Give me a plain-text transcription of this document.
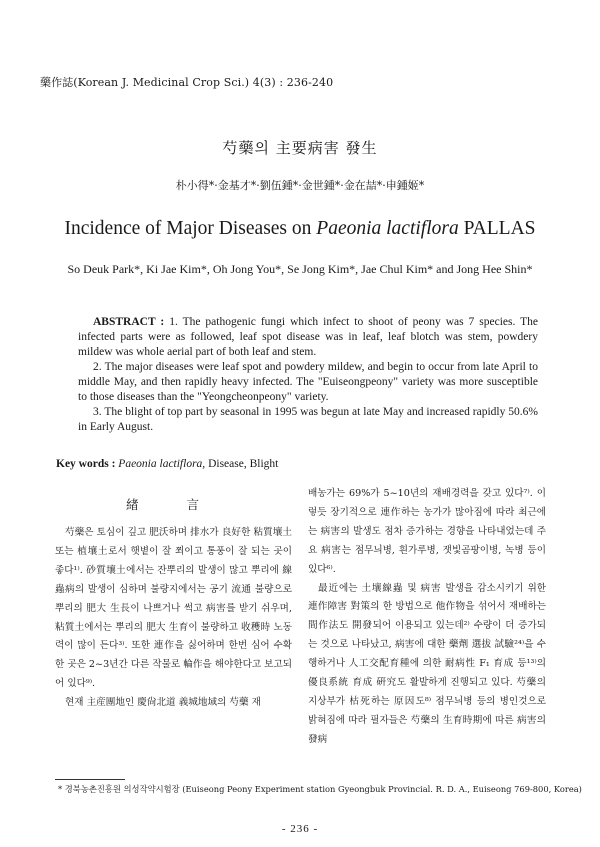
藥作誌(Korean J. Medicinal Crop Sci.) 4(3) : 236-240
芍藥의 主要病害 發生
朴小得*·金基才*·劉伍鍾*·金世鍾*·金在喆*·申鍾姬*
Incidence of Major Diseases on Paeonia lactiflora PALLAS
So Deuk Park*, Ki Jae Kim*, Oh Jong You*, Se Jong Kim*, Jae Chul Kim* and Jong Hee Shin*

ABSTRACT : 1. The pathogenic fungi which infect to shoot of peony was 7 species. The infected parts were as followed, leaf spot disease was in leaf, leaf blotch was stem, powdery mildew was whole aerial part of both leaf and stem.

2. The major diseases were leaf spot and powdery mildew, and begin to occur from late April to middle May, and then rapidly heavy infected. The "Euiseongpeony" variety was more susceptible to those diseases than the "Yeongcheonpeony" variety.

3. The blight of top part by seasonal in 1995 was begun at late May and increased rapidly 50.6% in Early August.

Key words : Paeonia lactiflora, Disease, Blight
緖 言

芍藥은 토심이 깊고 肥沃하며 排水가 良好한 粘質壤土 또는 植壤土로서 햇볕이 잘 쬐이고 통풍이 잘 되는 곳이 좋다¹⁾. 砂質壤土에서는 잔뿌리의 발생이 많고 뿌리에 線蟲病의 발생이 심하며 불량지에서는 공기 流通 불량으로 뿌리의 肥大 生長이 나쁘거나 썩고 病害를 받기 쉬우며, 粘質土에서는 뿌리의 肥大 生育이 불량하고 收穫時 노동력이 많이 든다³⁾. 또한 連作을 싫어하며 한번 심어 수확한 곳은 2~3년간 다른 작물로 輪作을 해야한다고 보고되어 있다⁹⁾.

현재 主産團地인 慶尙北道 義城地域의 芍藥 재

배농가는 69%가 5~10년의 재배경력을 갖고 있다⁷⁾. 이렇듯 장기적으로 連作하는 농가가 많아짐에 따라 최근에는 病害의 발생도 점차 증가하는 경향을 나타내었는데 주요 病害는 점무늬병, 흰가루병, 잿빛곰팡이병, 녹병 등이 있다⁶⁾.

最近에는 土壤線蟲 및 病害 발생을 감소시키기 위한 連作障害 對策의 한 방법으로 他作物을 섞어서 재배하는 間作法도 開發되어 이용되고 있는데²⁾ 수량이 더 증가되는 것으로 나타났고, 病害에 대한 藥劑 選拔 試驗²⁴⁾을 수행하거나 人工交配育種에 의한 耐病性 F₁ 育成 등¹³⁾의 優良系統 育成 硏究도 활발하게 진행되고 있다. 芍藥의 지상부가 枯死하는 原因도⁸⁾ 점무늬병 등의 병인것으로 밝혀짐에 따라 필자들은 芍藥의 生育時期에 따른 病害의 發病

* 경북농촌진흥원 의성작약시험장 (Euiseong Peony Experiment station Gyeongbuk Provincial. R. D. A., Euiseong 769-800, Korea)
- 236 -
